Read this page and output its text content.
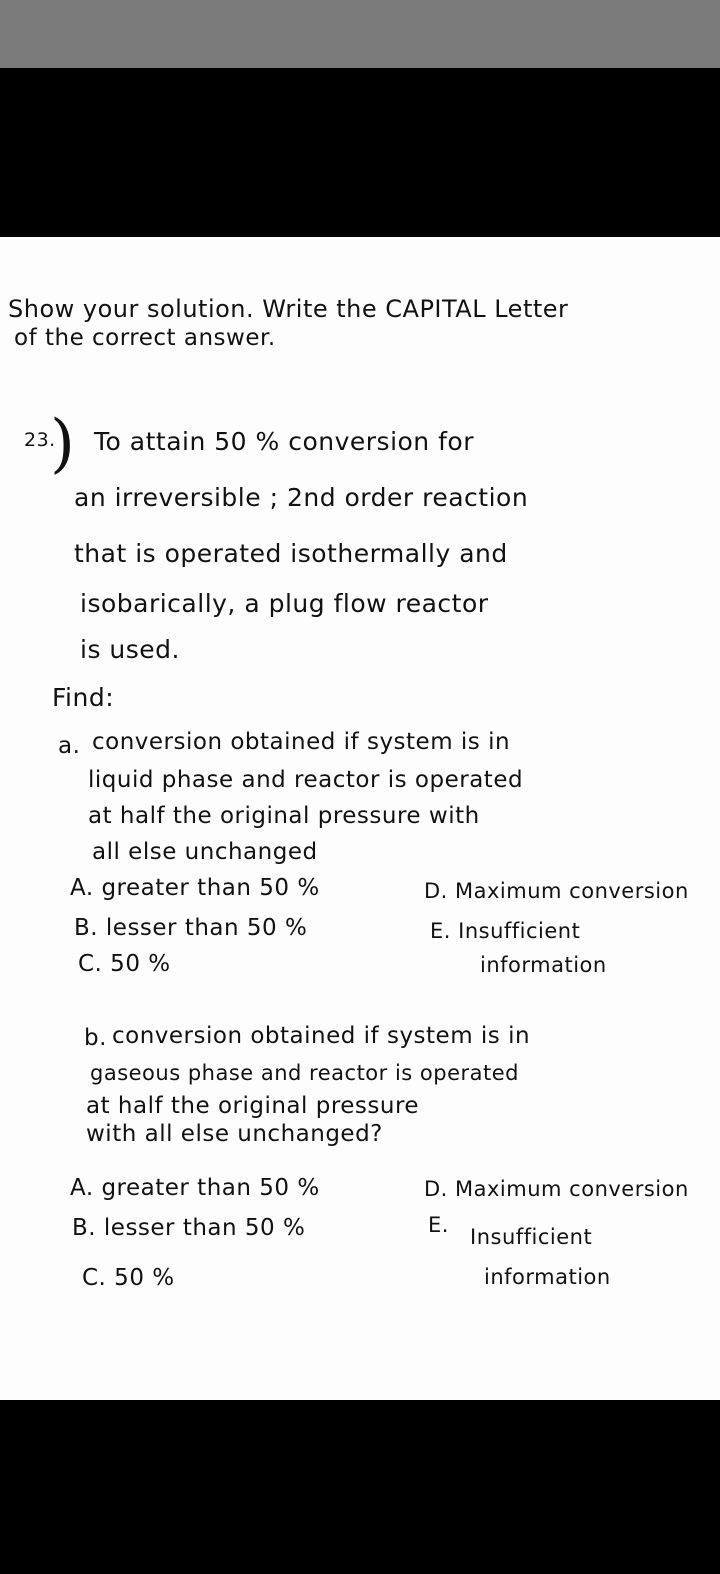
Show your solution. Write the CAPITAL Letter
of the correct answer.
23.
) To attain 50 % conversion for
an irreversible ; 2nd order reaction
that is operated isothermally and
isobarically, a plug flow reactor
is used.
Find:
a. conversion obtained if system is in
liquid phase and reactor is operated
at half the original pressure with
all else unchanged
A. greater than 50 %	D. Maximum conversion
B. lesser than 50 %	E. Insufficient
C. 50 %	information
b. conversion obtained if system is in
gaseous phase and reactor is operated
at half the original pressure
with all else unchanged?
A. greater than 50 %	D. Maximum conversion
B. lesser than 50 %	E. Insufficient
C. 50 %	information
